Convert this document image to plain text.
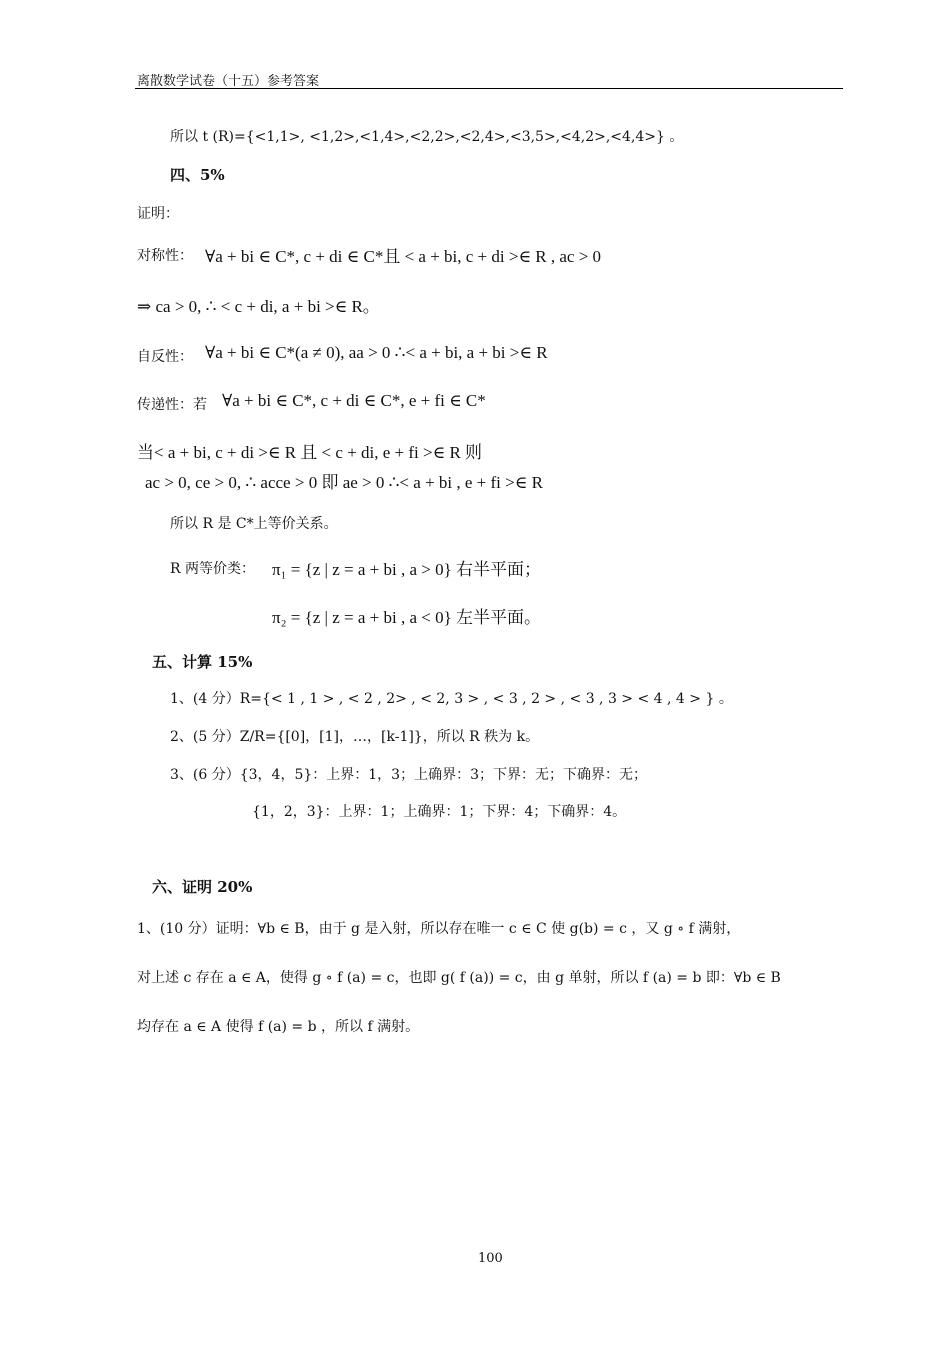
离散数学试卷（十五）参考答案
所以 t (R)={<1,1>, <1,2>,<1,4>,<2,2>,<2,4>,<3,5>,<4,2>,<4,4>} 。
四、5%
证明：
对称性： ∀a + bi ∈ C*, c + di ∈ C*且 < a + bi, c + di >∈ R , ac > 0
⇒ ca > 0, ∴ < c + di, a + bi >∈ R。
自反性： ∀a + bi ∈ C*(a ≠ 0), aa > 0 ∴< a + bi, a + bi >∈ R
传递性：若 ∀a + bi ∈ C*, c + di ∈ C*, e + fi ∈ C*
当< a + bi, c + di >∈ R 且 < c + di, e + fi >∈ R 则
ac > 0, ce > 0, ∴ acce > 0 即 ae > 0 ∴< a + bi , e + fi >∈ R
所以 R 是 C*上等价关系。
R 两等价类： π₁ = {z | z = a + bi , a > 0} 右半平面；
π₂ = {z | z = a + bi , a < 0} 左半平面。
五、计算 15%
1、(4 分）R={< 1 , 1 > , < 2 , 2> , < 2, 3 > , < 3 , 2 > , < 3 , 3 > < 4 , 4 > } 。
2、(5 分）Z/R={[0]，[1]，…，[k-1]}，所以 R 秩为 k。
3、(6 分）{3，4，5}：上界：1，3；上确界：3；下界：无；下确界：无；
{1，2，3}：上界：1；上确界：1；下界：4；下确界：4。
六、证明 20%
1、(10 分）证明：∀b ∈ B，由于 g 是入射，所以存在唯一 c ∈ C 使 g(b) = c ，又 g ∘ f 满射，
对上述 c 存在 a ∈ A，使得 g ∘ f (a) = c，也即 g( f (a)) = c，由 g 单射，所以 f (a) = b 即：∀b ∈ B
均存在 a ∈ A 使得 f (a) = b ，所以 f 满射。
100
